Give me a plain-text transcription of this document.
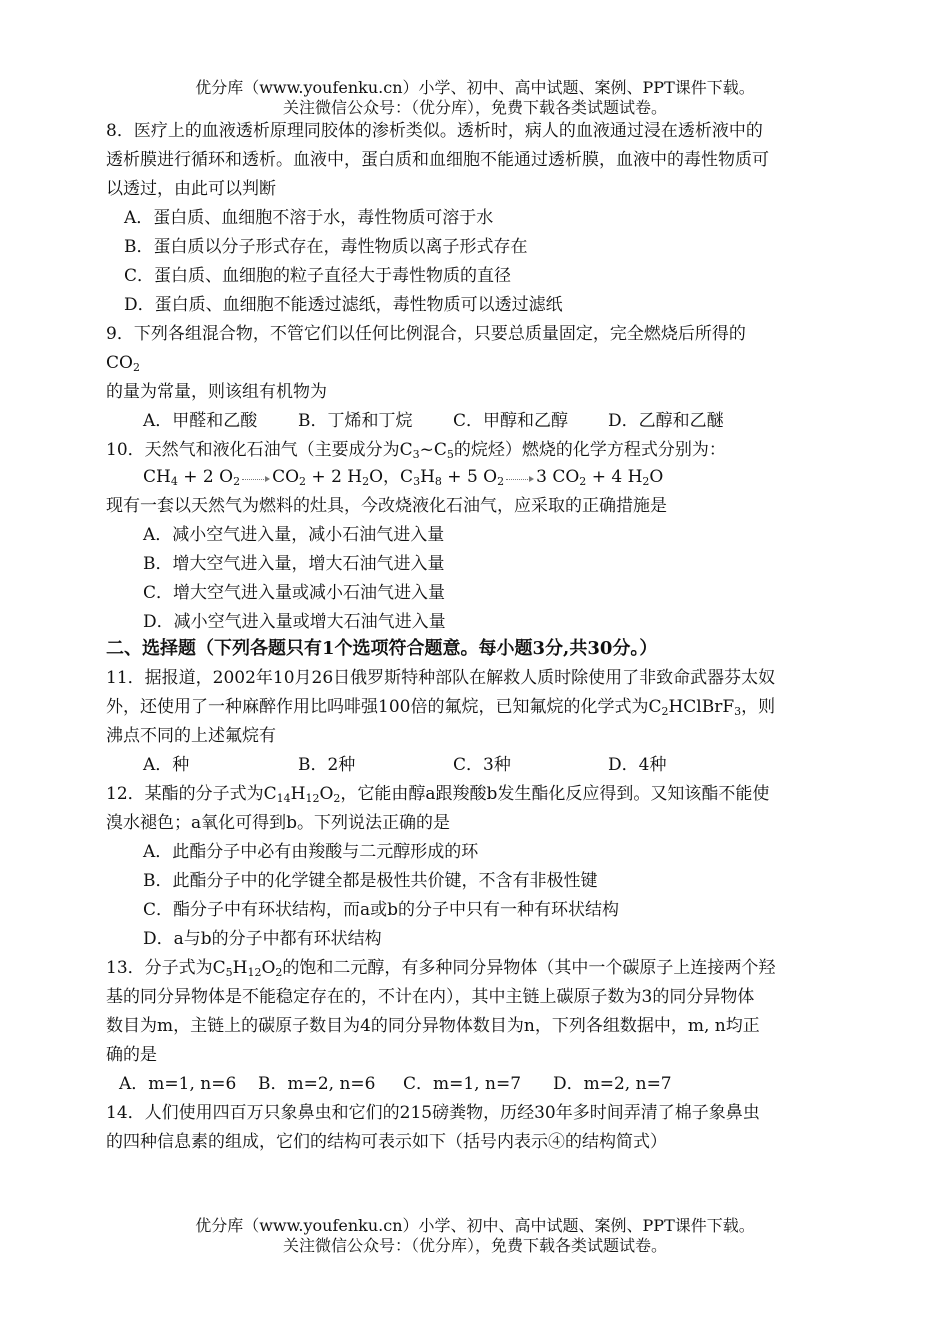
优分库（www.youfenku.cn）小学、初中、高中试题、案例、PPT课件下载。
关注微信公众号：（优分库），免费下载各类试题试卷。
8．医疗上的血液透析原理同胶体的渗析类似。透析时，病人的血液通过浸在透析液中的
透析膜进行循环和透析。血液中，蛋白质和血细胞不能通过透析膜，血液中的毒性物质可
以透过，由此可以判断
A．蛋白质、血细胞不溶于水，毒性物质可溶于水
B．蛋白质以分子形式存在，毒性物质以离子形式存在
C．蛋白质、血细胞的粒子直径大于毒性物质的直径
D．蛋白质、血细胞不能透过滤纸，毒性物质可以透过滤纸
9．下列各组混合物，不管它们以任何比例混合，只要总质量固定，完全燃烧后所得的
$CO_2$
的量为常量，则该组有机物为
A．甲醛和乙酸 B．丁烯和丁烷 C．甲醇和乙醇 D．乙醇和乙醚
10．天然气和液化石油气（主要成分为$C_3\sim C_5$的烷烃）燃烧的化学方程式分别为：
$CH_4 + 2$ $O_2$ $CO_2 + 2$ $H_2O$，$C_3H_8 + 5$ $O_2$ 3 $CO_2 + 4$ $H_2O$
现有一套以天然气为燃料的灶具，今改烧液化石油气，应采取的正确措施是
A．减小空气进入量，减小石油气进入量
B．增大空气进入量，增大石油气进入量
C．增大空气进入量或减小石油气进入量
D．减小空气进入量或增大石油气进入量
二、选择题（下列各题只有1个选项符合题意。每小题3分,共30分。）
11．据报道，2002年10月26日俄罗斯特种部队在解救人质时除使用了非致命武器芬太奴
外，还使用了一种麻醉作用比吗啡强100倍的氟烷，已知氟烷的化学式为$C_2HClBrF_3$，则
沸点不同的上述氟烷有
A．种	B．2种	C．3种	D．4种
12．某酯的分子式为$C_{14}H_{12}O_2$，它能由醇a跟羧酸b发生酯化反应得到。又知该酯不能使
溴水褪色；a氧化可得到b。下列说法正确的是
A．此酯分子中必有由羧酸与二元醇形成的环
B．此酯分子中的化学键全都是极性共价键，不含有非极性键
C．酯分子中有环状结构，而a或b的分子中只有一种有环状结构
D．a与b的分子中都有环状结构
13．分子式为$C_5H_{12}O_2$的饱和二元醇，有多种同分异物体（其中一个碳原子上连接两个羟
基的同分异物体是不能稳定存在的，不计在内），其中主链上碳原子数为3的同分异物体
数目为m，主链上的碳原子数目为4的同分异物体数目为n，下列各组数据中，m, n均正
确的是
A．m=1, n=6 B．m=2, n=6 C．m=1, n=7 D．m=2, n=7
14．人们使用四百万只象鼻虫和它们的215磅粪物，历经30年多时间弄清了棉子象鼻虫
的四种信息素的组成，它们的结构可表示如下（括号内表示④的结构简式）
优分库（www.youfenku.cn）小学、初中、高中试题、案例、PPT课件下载。
关注微信公众号：（优分库），免费下载各类试题试卷。
